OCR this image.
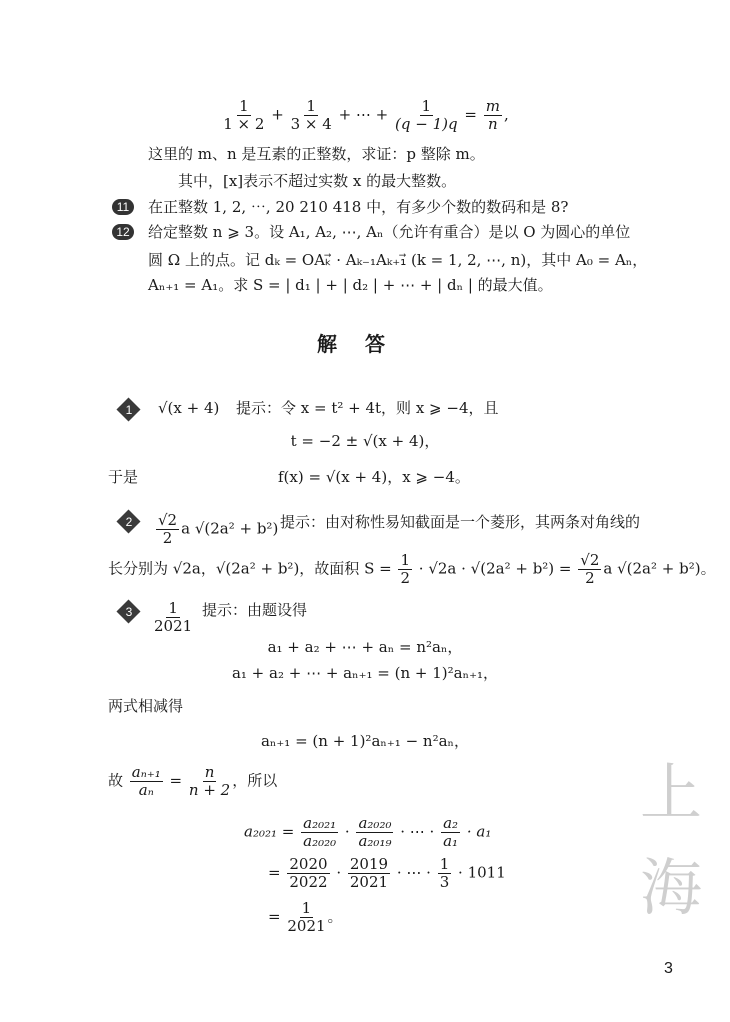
$\frac{1}{1 \times 2} + \frac{1}{3 \times 4}$ + ⋯ + $\frac{1}{(q - 1)q} = \frac{m}{n}$ ,
这里的 m、n 是互素的正整数，求证：p 整除 m。
其中，[x]表示不超过实数 x 的最大整数。
11	在正整数 1, 2, ⋯, 20 210 418 中，有多少个数的数码和是 8?
12 给定整数 n ⩾ 3。设 A₁, A₂, ⋯, Aₙ（允许有重合）是以 O 为圆心的单位
圆 Ω 上的点。记 dₖ = OAₖ⃗ · Aₖ₋₁Aₖ₊₁⃗ (k = 1, 2, ⋯, n)，其中 A₀ = Aₙ，
Aₙ₊₁ = A₁。求 S = | d₁ | + | d₂ | + ⋯ + | dₙ | 的最大值。
解答
1	√(x + 4) 提示：令 x = t² + 4t，则 x ⩾ −4，且
t = −2 ± √(x + 4)，
于是	f(x) = √(x + 4)，x ⩾ −4。
2	$\frac{√2}{2}$ a √(2a² + b²) 提示：由对称性易知截面是一个菱形，其两条对角线的
长分别为 √2a，√(2a² + b²)，故面积 $S = \frac{1}{2} \cdot √2a \cdot √(2a^2 + b^2) = \frac{√2}{2}$ a √(2a² + b²)。
3	$\frac{1}{2021}$ 提示：由题设得
a₁ + a₂ + ⋯ + aₙ = n²aₙ，
a₁ + a₂ + ⋯ + aₙ₊₁ = (n + 1)²aₙ₊₁，
两式相减得
aₙ₊₁ = (n + 1)²aₙ₊₁ − n²aₙ，
故 $\frac{\text{aₙ₊₁}}{\text{aₙ}} = \frac{n}{n + 2}$ ，所以
$a_{2021} = \frac{\text{a₂₀₂₁}}{\text{a₂₀₂₀}} \cdot \frac{\text{a₂₀₂₀}}{\text{a₂₀₁₉}}$ · ⋯ · $\frac{\text{a₂}}{\text{a₁}} \cdot a_1$
= $\frac{2020}{2022} \cdot \frac{2019}{2021}$ · ⋯ · $\frac{1}{3} \cdot 1011$
= $\frac{1}{2021}$ 。
上海
3
